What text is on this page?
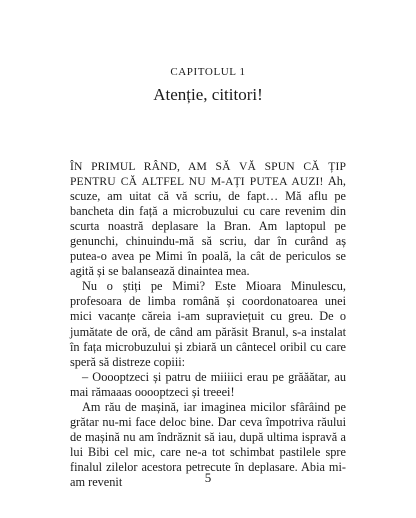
CAPITOLUL 1
Atenție, cititori!

ÎN PRIMUL RÂND, AM SĂ VĂ SPUN CĂ ȚIP PENTRU CĂ ALTFEL NU M-AȚI PUTEA AUZI! Ah, scuze, am uitat că vă scriu, de fapt… Mă aflu pe bancheta din față a microbuzului cu care revenim din scurta noastră deplasare la Bran. Am laptopul pe genunchi, chinuindu-mă să scriu, dar în curând aș putea-o avea pe Mimi în poală, la cât de periculos se agită și se balansează dinaintea mea.

Nu o știți pe Mimi? Este Mioara Minulescu, profesoara de limba română și coordonatoarea unei mici vacanțe căreia i-am supraviețuit cu greu. De o jumătate de oră, de când am părăsit Branul, s-a instalat în fața microbuzului și zbiară un cântecel oribil cu care speră să distreze copiii:

– Ooooptzeci și patru de miiiici erau pe grăăătar, au mai rămaaas ooooptzeci și treeei!

Am rău de mașină, iar imaginea micilor sfârâind pe grătar nu-mi face deloc bine. Dar ceva împotriva răului de mașină nu am îndrăznit să iau, după ultima ispravă a lui Bibi cel mic, care ne-a tot schimbat pastilele spre finalul zilelor acestora petrecute în deplasare. Abia mi-am revenit	5
